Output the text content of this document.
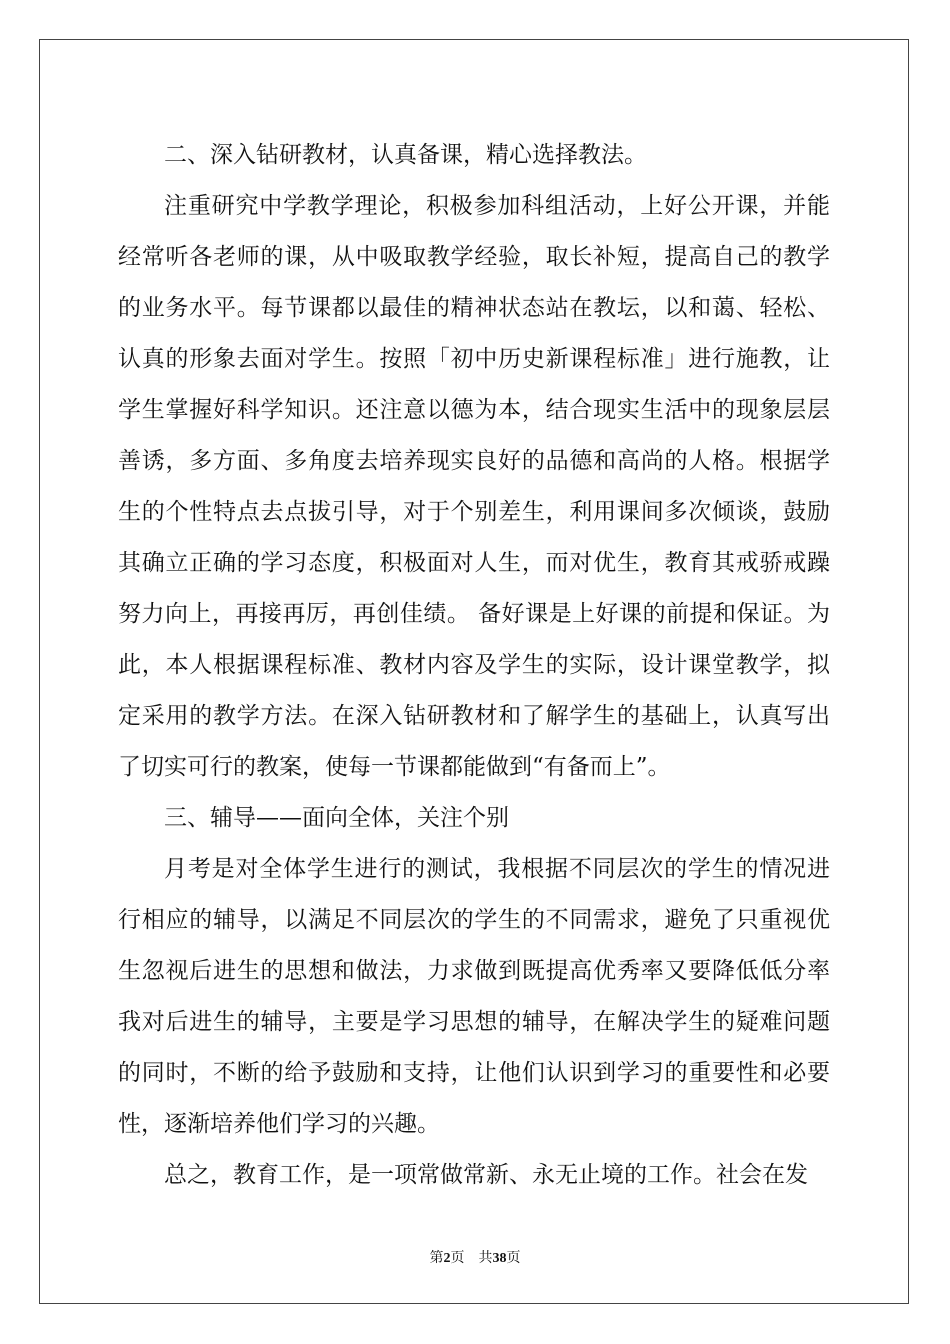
二、深入钻研教材，认真备课，精心选择教法。

注重研究中学教学理论，积极参加科组活动，上好公开课，并能经常听各老师的课，从中吸取教学经验，取长补短，提高自己的教学的业务水平。每节课都以最佳的精神状态站在教坛，以和蔼、轻松、认真的形象去面对学生。按照「初中历史新课程标准」进行施教，让学生掌握好科学知识。还注意以德为本，结合现实生活中的现象层层善诱，多方面、多角度去培养现实良好的品德和高尚的人格。根据学生的个性特点去点拔引导，对于个别差生，利用课间多次倾谈，鼓励其确立正确的学习态度，积极面对人生，而对优生，教育其戒骄戒躁努力向上，再接再厉，再创佳绩。 备好课是上好课的前提和保证。为此，本人根据课程标准、教材内容及学生的实际，设计课堂教学，拟定采用的教学方法。在深入钻研教材和了解学生的基础上，认真写出了切实可行的教案，使每一节课都能做到“有备而上”。

三、辅导——面向全体，关注个别

月考是对全体学生进行的测试，我根据不同层次的学生的情况进行相应的辅导，以满足不同层次的学生的不同需求，避免了只重视优生忽视后进生的思想和做法，力求做到既提高优秀率又要降低低分率我对后进生的辅导，主要是学习思想的辅导，在解决学生的疑难问题的同时，不断的给予鼓励和支持，让他们认识到学习的重要性和必要性，逐渐培养他们学习的兴趣。

总之，教育工作，是一项常做常新、永无止境的工作。社会在发

第2页 共38页
